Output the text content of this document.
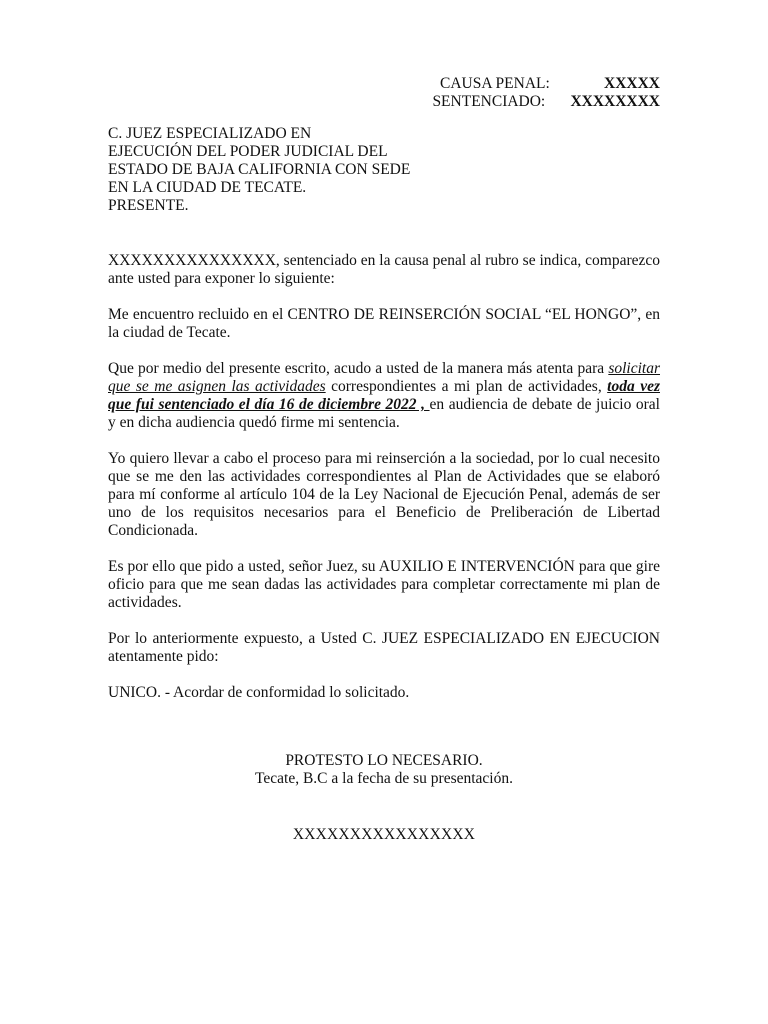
CAUSA PENAL:	XXXXX
SENTENCIADO:	XXXXXXXX
C. JUEZ ESPECIALIZADO EN
EJECUCIÓN DEL PODER JUDICIAL DEL
ESTADO DE BAJA CALIFORNIA CON SEDE
EN LA CIUDAD DE TECATE.
PRESENTE.

XXXXXXXXXXXXXXX, sentenciado en la causa penal al rubro se indica, comparezco ante usted para exponer lo siguiente:

Me encuentro recluido en el CENTRO DE REINSERCIÓN SOCIAL “EL HONGO”, en la ciudad de Tecate.

Que por medio del presente escrito, acudo a usted de la manera más atenta para solicitar que se me asignen las actividades correspondientes a mi plan de actividades, toda vez que fui sentenciado el día 16 de diciembre 2022 , en audiencia de debate de juicio oral y en dicha audiencia quedó firme mi sentencia.

Yo quiero llevar a cabo el proceso para mi reinserción a la sociedad, por lo cual necesito que se me den las actividades correspondientes al Plan de Actividades que se elaboró para mí conforme al artículo 104 de la Ley Nacional de Ejecución Penal, además de ser uno de los requisitos necesarios para el Beneficio de Preliberación de Libertad Condicionada.

Es por ello que pido a usted, señor Juez, su AUXILIO E INTERVENCIÓN para que gire oficio para que me sean dadas las actividades para completar correctamente mi plan de actividades.

Por lo anteriormente expuesto, a Usted C. JUEZ ESPECIALIZADO EN EJECUCION atentamente pido:

UNICO. - Acordar de conformidad lo solicitado.

PROTESTO LO NECESARIO.
Tecate, B.C a la fecha de su presentación.
XXXXXXXXXXXXXXXX
